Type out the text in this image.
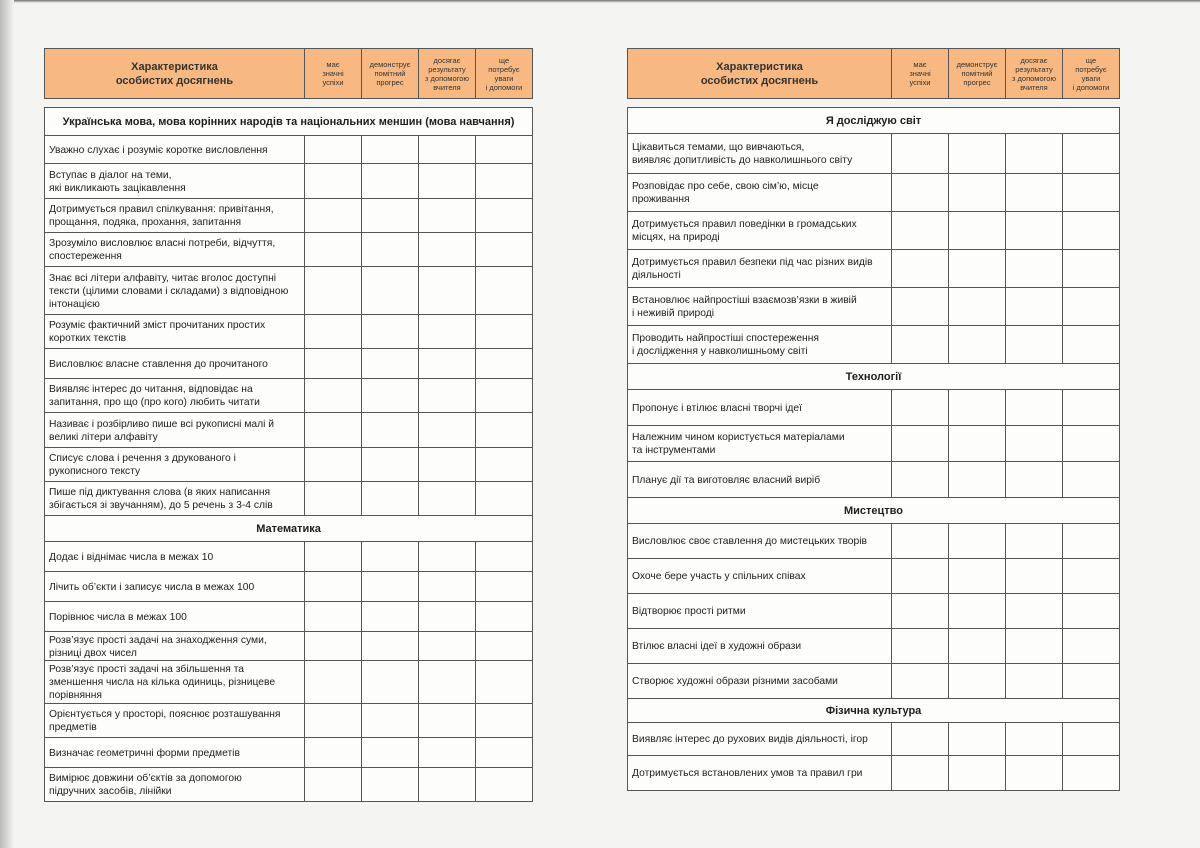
Характеристика
особистих досягнень
	має
значні
успіхи	демонструє
помітний
прогрес	досягає
результату
з допомогою
вчителя	ще
потребує
уваги
і допомоги
Українська мова, мова корінних народів та національних меншин (мова навчання)				
Уважно слухає і розуміє коротке висловлення				
Вступає в діалог на теми,
які викликають зацікавлення				
Дотримується правил спілкування: привітання,
прощання, подяка, прохання, запитання				
Зрозуміло висловлює власні потреби, відчуття,
спостереження				
Знає всі літери алфавіту, читає вголос доступні
тексти (цілими словами і складами) з відповідною
інтонацією				
Розуміє фактичний зміст прочитаних простих
коротких текстів				
Висловлює власне ставлення до прочитаного				
Виявляє інтерес до читання, відповідає на
запитання, про що (про кого) любить читати				
Називає і розбірливо пише всі рукописні малі й
великі літери алфавіту				
Списує слова і речення з друкованого і
рукописного тексту				
Пише під диктування слова (в яких написання
збігається зі звучанням), до 5 речень з 3-4 слів				
Математика				
Додає і віднімає числа в межах 10				
Лічить об’єкти і записує числа в межах 100				
Порівнює числа в межах 100				
Розв’язує прості задачі на знаходження суми,
різниці двох чисел				
Розв’язує прості задачі на збільшення та
зменшення числа на кілька одиниць, різницеве
порівняння				
Орієнтується у просторі, пояснює розташування
предметів				
Визначає геометричні форми предметів				
Вимірює довжини об’єктів за допомогою
підручних засобів, лінійки				
Характеристика
особистих досягнень
	має
значні
успіхи	демонструє
помітний
прогрес	досягає
результату
з допомогою
вчителя	ще
потребує
уваги
і допомоги
Я досліджую світ				
Цікавиться темами, що вивчаються,
виявляє допитливість до навколишнього світу				
Розповідає про себе, свою сім’ю, місце
проживання				
Дотримується правил поведінки в громадських
місцях, на природі				
Дотримується правил безпеки під час різних видів
діяльності				
Встановлює найпростіші взаємозв’язки в живій
і неживій природі				
Проводить найпростіші спостереження
і дослідження у навколишньому світі				
Технології				
Пропонує і втілює власні творчі ідеї				
Належним чином користується матеріалами
та інструментами				
Планує дії та виготовляє власний виріб				
Мистецтво				
Висловлює своє ставлення до мистецьких творів				
Охоче бере участь у спільних співах				
Відтворює прості ритми				
Втілює власні ідеї в художні образи				
Створює художні образи різними засобами				
Фізична культура				
Виявляє інтерес до рухових видів діяльності, ігор				
Дотримується встановлених умов та правил гри				
